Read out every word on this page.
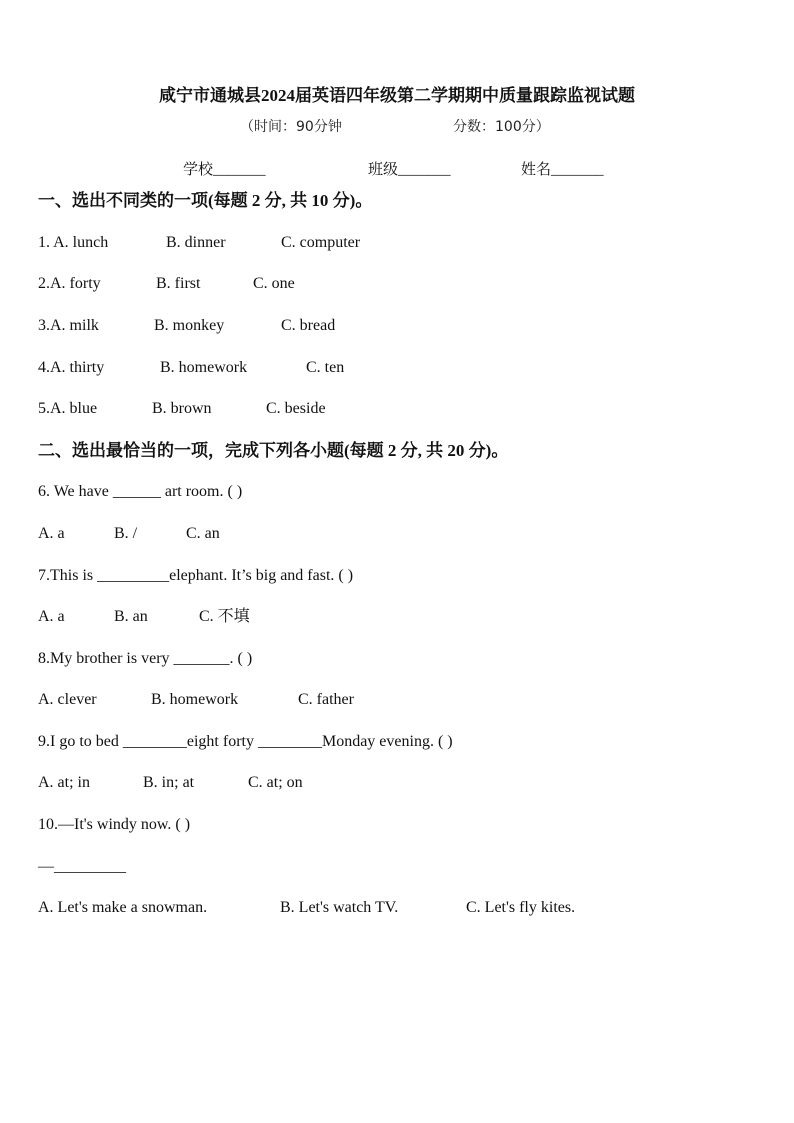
咸宁市通城县2024届英语四年级第二学期期中质量跟踪监视试题
（时间：90分钟	分数：100分）
学校_______	班级_______	姓名_______
一、选出不同类的一项(每题 2 分, 共 10 分)。
1. A. lunch	B. dinner	C. computer
2.A. forty	B. first	C. one
3.A. milk	B. monkey	C. bread
4.A. thirty	B. homework	C. ten
5.A. blue	B. brown	C. beside
二、选出最恰当的一项，完成下列各小题(每题 2 分, 共 20 分)。
6. We have ______ art room. ( )
A. a	B. /	C. an
7.This is _________elephant. It’s big and fast. ( )
A. a	B. an	C. 不填
8.My brother is very _______. ( )
A. clever	B. homework	C. father
9.I go to bed ________eight forty ________Monday evening. ( )
A. at; in	B. in; at	C. at; on
10.—It's windy now. ( )
—_________
A. Let's make a snowman.	B. Let's watch TV.	C. Let's fly kites.
